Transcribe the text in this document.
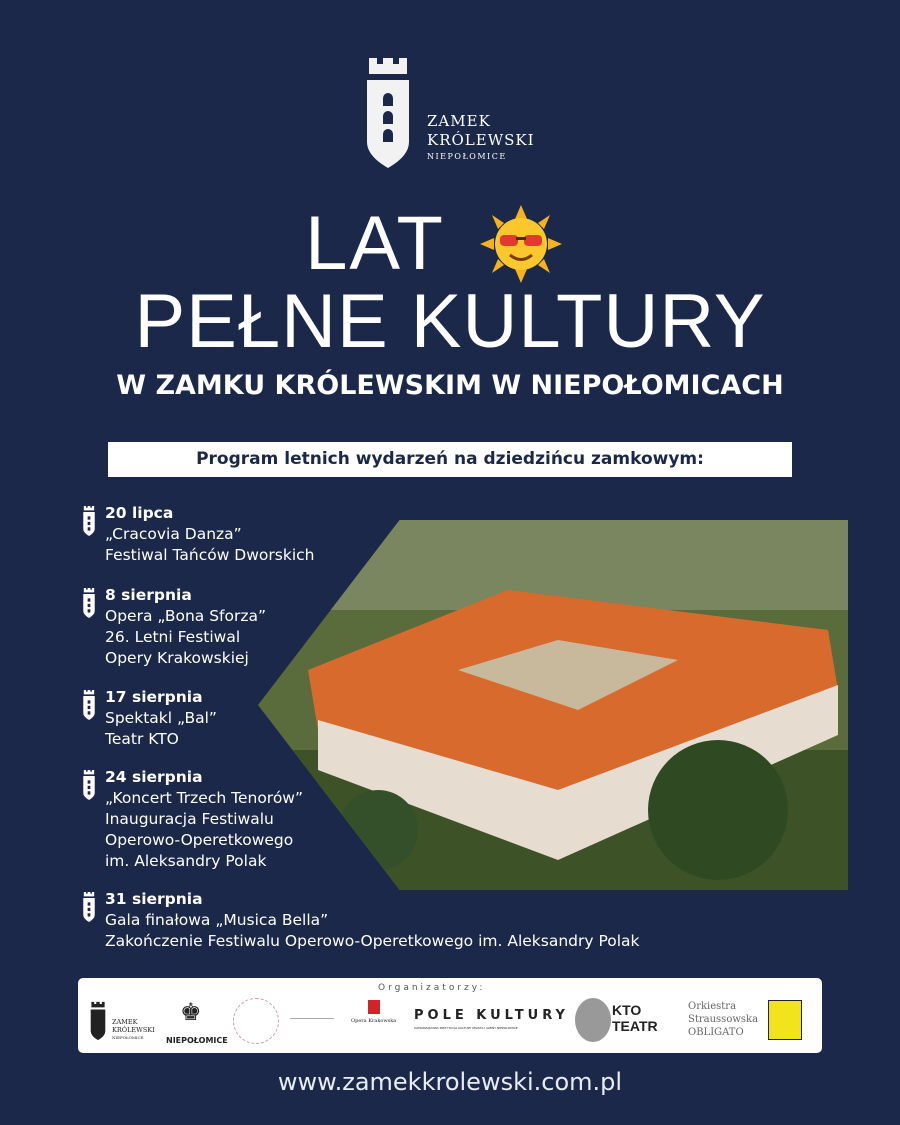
ZAMEK
KRÓLEWSKI
NIEPOŁOMICE
LAT
PEŁNE KULTURY
W ZAMKU KRÓLEWSKIM W NIEPOŁOMICACH
Program letnich wydarzeń na dziedzińcu zamkowym:
20 lipca
„Cracovia Danza”
Festiwal Tańców Dworskich
8 sierpnia
Opera „Bona Sforza”
26. Letni Festiwal
Opery Krakowskiej
17 sierpnia
Spektakl „Bal”
Teatr KTO
24 sierpnia
„Koncert Trzech Tenorów”
Inauguracja Festiwalu
Operowo-Operetkowego
im. Aleksandry Polak
31 sierpnia
Gala finałowa „Musica Bella”
Zakończenie Festiwalu Operowo-Operetkowego im. Aleksandry Polak
Organizatorzy:
ZAMEK
KRÓLEWSKI
NIEPOŁOMICE
♚
NIEPOŁOMICE
Opera Krakowska POLE KULTURY
SAMORZĄDOWA INSTYTUCJA KULTURY MIASTA I GMINY NIEPOŁOMICE
KTO
TEATR
Orkiestra
Straussowska
OBLIGATO
www.zamekkrolewski.com.pl
